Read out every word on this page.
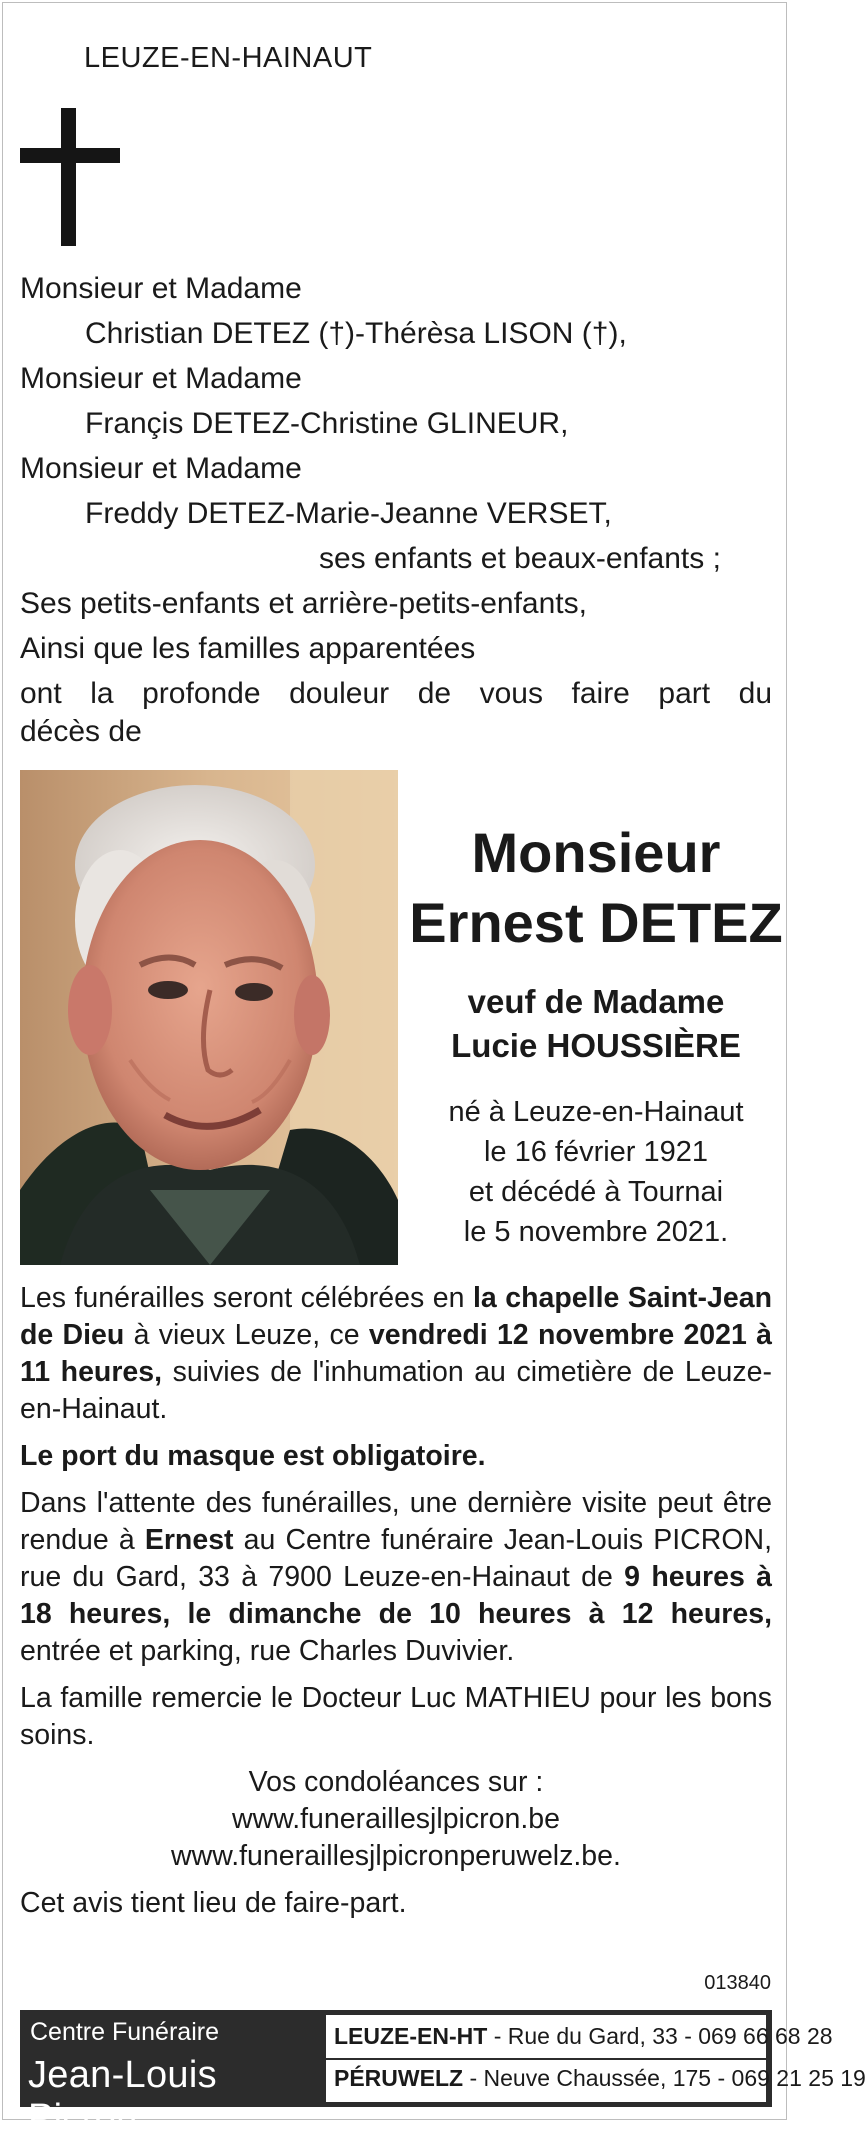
LEUZE-EN-HAINAUT
Monsieur et Madame
Christian DETEZ (†)-Thérèsa LISON (†),
Monsieur et Madame
Françis DETEZ-Christine GLINEUR,
Monsieur et Madame
Freddy DETEZ-Marie-Jeanne VERSET,
ses enfants et beaux-enfants ;
Ses petits-enfants et arrière-petits-enfants,
Ainsi que les familles apparentées
ont la profonde douleur de vous faire part du
décès de
Monsieur
Ernest DETEZ
veuf de Madame
Lucie HOUSSIÈRE
né à Leuze-en-Hainaut
le 16 février 1921
et décédé à Tournai
le 5 novembre 2021.

Les funérailles seront célébrées en la chapelle Saint-Jean de Dieu à vieux Leuze, ce vendredi 12 novembre 2021 à 11 heures, suivies de l'inhumation au cimetière de Leuze-en-Hainaut.

Le port du masque est obligatoire.

Dans l'attente des funérailles, une dernière visite peut être rendue à Ernest au Centre funéraire Jean-Louis PICRON, rue du Gard, 33 à 7900 Leuze-en-Hainaut de 9 heures à 18 heures, le dimanche de 10 heures à 12 heures, entrée et parking, rue Charles Duvivier.

La famille remercie le Docteur Luc MATHIEU pour les bons soins.

Vos condoléances sur :

www.funeraillesjlpicron.be

www.funeraillesjlpicronperuwelz.be.

Cet avis tient lieu de faire-part.

013840
Centre Funéraire
Jean-Louis Picron
LEUZE-EN-HT - Rue du Gard, 33 - 069 66 68 28
PÉRUWELZ - Neuve Chaussée, 175 - 069 21 25 19
